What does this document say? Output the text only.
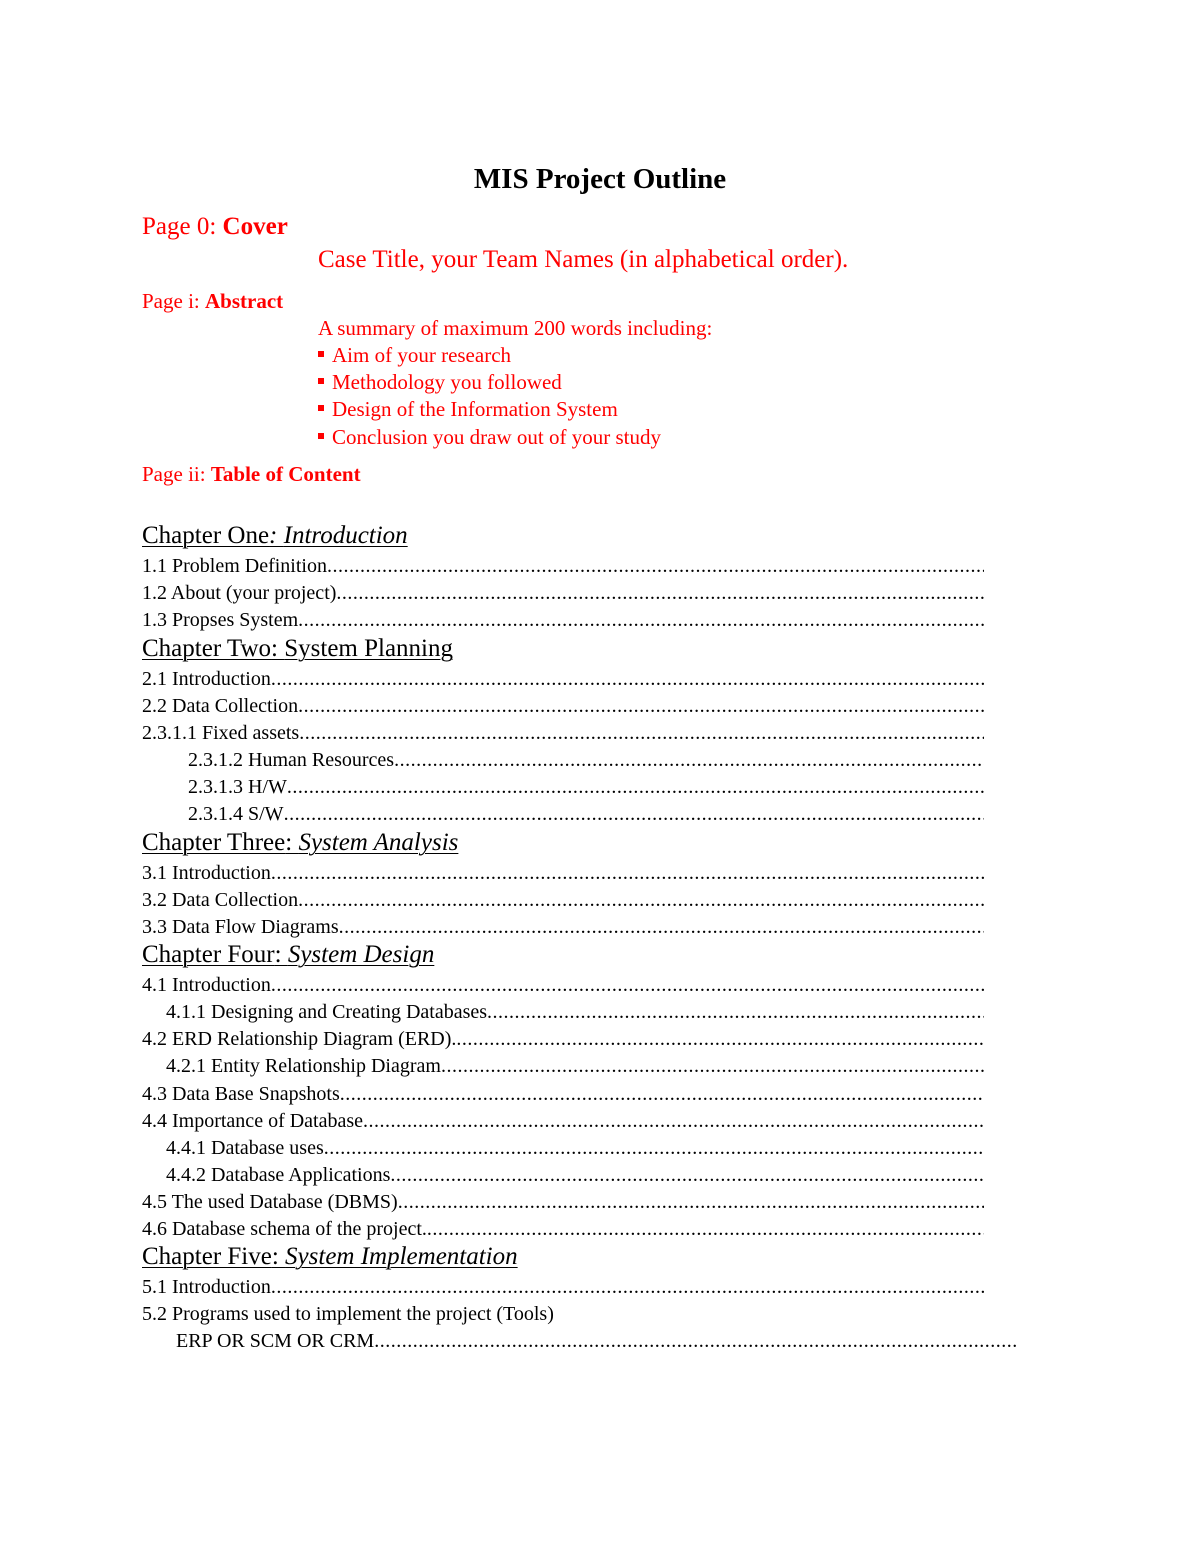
MIS Project Outline
Page 0: Cover
Case Title, your Team Names (in alphabetical order).
Page i: Abstract
A summary of maximum 200 words including:
Aim of your research
Methodology you followed
Design of the Information System
Conclusion you draw out of your study
Page ii: Table of Content
Chapter One: Introduction
1.1 Problem Definition
.....
1.2 About (your project)
.....
1.3 Propses System
.....
Chapter Two: System Planning
2.1 Introduction
.....
2.2 Data Collection
.....
2.3.1.1 Fixed assets
.....
2.3.1.2 Human Resources
.....
2.3.1.3 H/W
.....
2.3.1.4 S/W
.....
Chapter Three: System Analysis
3.1 Introduction
.....
3.2 Data Collection
.....
3.3 Data Flow Diagrams
.....
Chapter Four: System Design
4.1 Introduction
.....
4.1.1 Designing and Creating Databases
.....
4.2 ERD Relationship Diagram (ERD).
.....
4.2.1 Entity Relationship Diagram
.....
4.3 Data Base Snapshots
.....
4.4 Importance of Database
.....
4.4.1 Database uses
.....
4.4.2 Database Applications
.....
4.5 The used Database (DBMS)
.....
4.6 Database schema of the project.
.....
Chapter Five: System Implementation
5.1 Introduction
.....
5.2 Programs used to implement the project (Tools)
ERP OR SCM OR CRM
.....
